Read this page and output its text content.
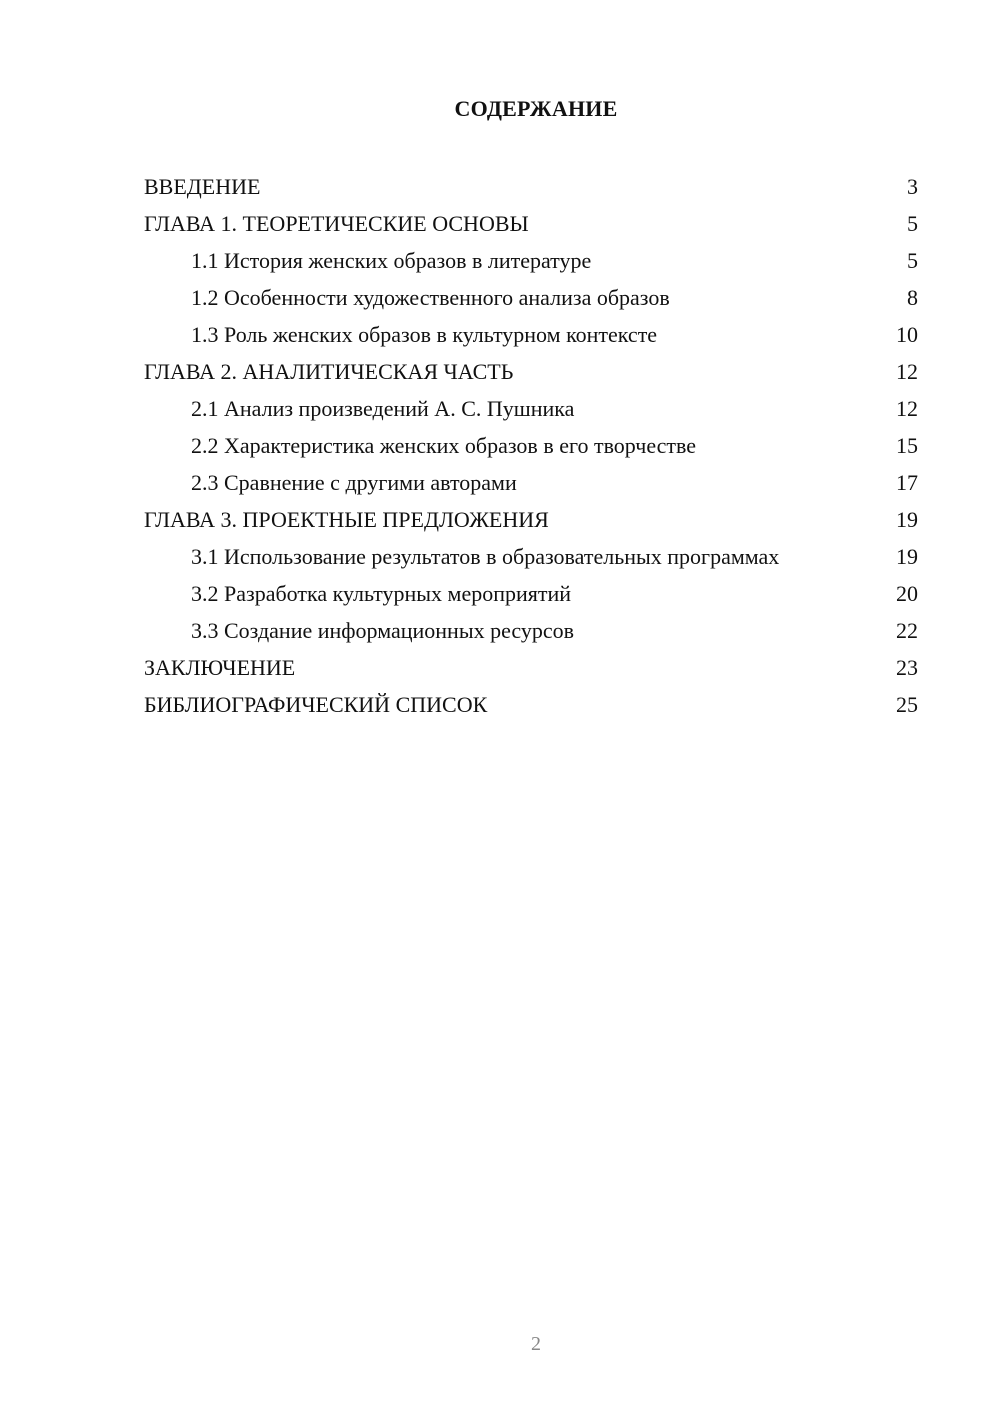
СОДЕРЖАНИЕ
ВВЕДЕНИЕ	3
ГЛАВА 1. ТЕОРЕТИЧЕСКИЕ ОСНОВЫ	5
1.1 История женских образов в литературе	5
1.2 Особенности художественного анализа образов	8
1.3 Роль женских образов в культурном контексте	10
ГЛАВА 2. АНАЛИТИЧЕСКАЯ ЧАСТЬ	12
2.1 Анализ произведений А. С. Пушника	12
2.2 Характеристика женских образов в его творчестве	15
2.3 Сравнение с другими авторами	17
ГЛАВА 3. ПРОЕКТНЫЕ ПРЕДЛОЖЕНИЯ	19
3.1 Использование результатов в образовательных программах	19
3.2 Разработка культурных мероприятий	20
3.3 Создание информационных ресурсов	22
ЗАКЛЮЧЕНИЕ	23
БИБЛИОГРАФИЧЕСКИЙ СПИСОК	25
2
